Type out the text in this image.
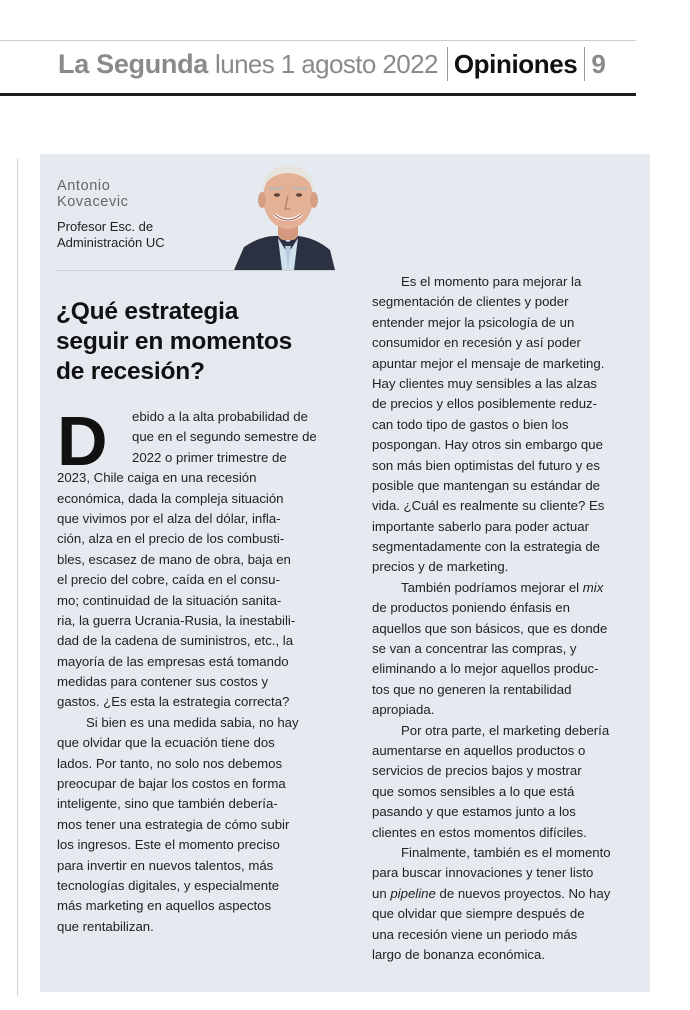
La Segunda lunes 1 agosto 2022 Opiniones 9
Antonio
Kovacevic
Profesor Esc. de
Administración UC
¿Qué estrategia
seguir en momentos
de recesión?
D	ebido a la alta probabilidad de
que en el segundo semestre de
2022 o primer trimestre de
2023, Chile caiga en una recesión
económica, dada la compleja situación
que vivimos por el alza del dólar, infla-
ción, alza en el precio de los combusti-
bles, escasez de mano de obra, baja en
el precio del cobre, caída en el consu-
mo; continuidad de la situación sanita-
ria, la guerra Ucrania-Rusia, la inestabili-
dad de la cadena de suministros, etc., la
mayoría de las empresas está tomando
medidas para contener sus costos y
gastos. ¿Es esta la estrategia correcta?
Si bien es una medida sabia, no hay
que olvidar que la ecuación tiene dos
lados. Por tanto, no solo nos debemos
preocupar de bajar los costos en forma
inteligente, sino que también debería-
mos tener una estrategia de cómo subir
los ingresos. Este el momento preciso
para invertir en nuevos talentos, más
tecnologías digitales, y especialmente
más marketing en aquellos aspectos
que rentabilizan.
Es el momento para mejorar la
segmentación de clientes y poder
entender mejor la psicología de un
consumidor en recesión y así poder
apuntar mejor el mensaje de marketing.
Hay clientes muy sensibles a las alzas
de precios y ellos posiblemente reduz-
can todo tipo de gastos o bien los
pospongan. Hay otros sin embargo que
son más bien optimistas del futuro y es
posible que mantengan su estándar de
vida. ¿Cuál es realmente su cliente? Es
importante saberlo para poder actuar
segmentadamente con la estrategia de
precios y de marketing.
También podríamos mejorar el mix
de productos poniendo énfasis en
aquellos que son básicos, que es donde
se van a concentrar las compras, y
eliminando a lo mejor aquellos produc-
tos que no generen la rentabilidad
apropiada.
Por otra parte, el marketing debería
aumentarse en aquellos productos o
servicios de precios bajos y mostrar
que somos sensibles a lo que está
pasando y que estamos junto a los
clientes en estos momentos difíciles.
Finalmente, también es el momento
para buscar innovaciones y tener listo
un pipeline de nuevos proyectos. No hay
que olvidar que siempre después de
una recesión viene un periodo más
largo de bonanza económica.
